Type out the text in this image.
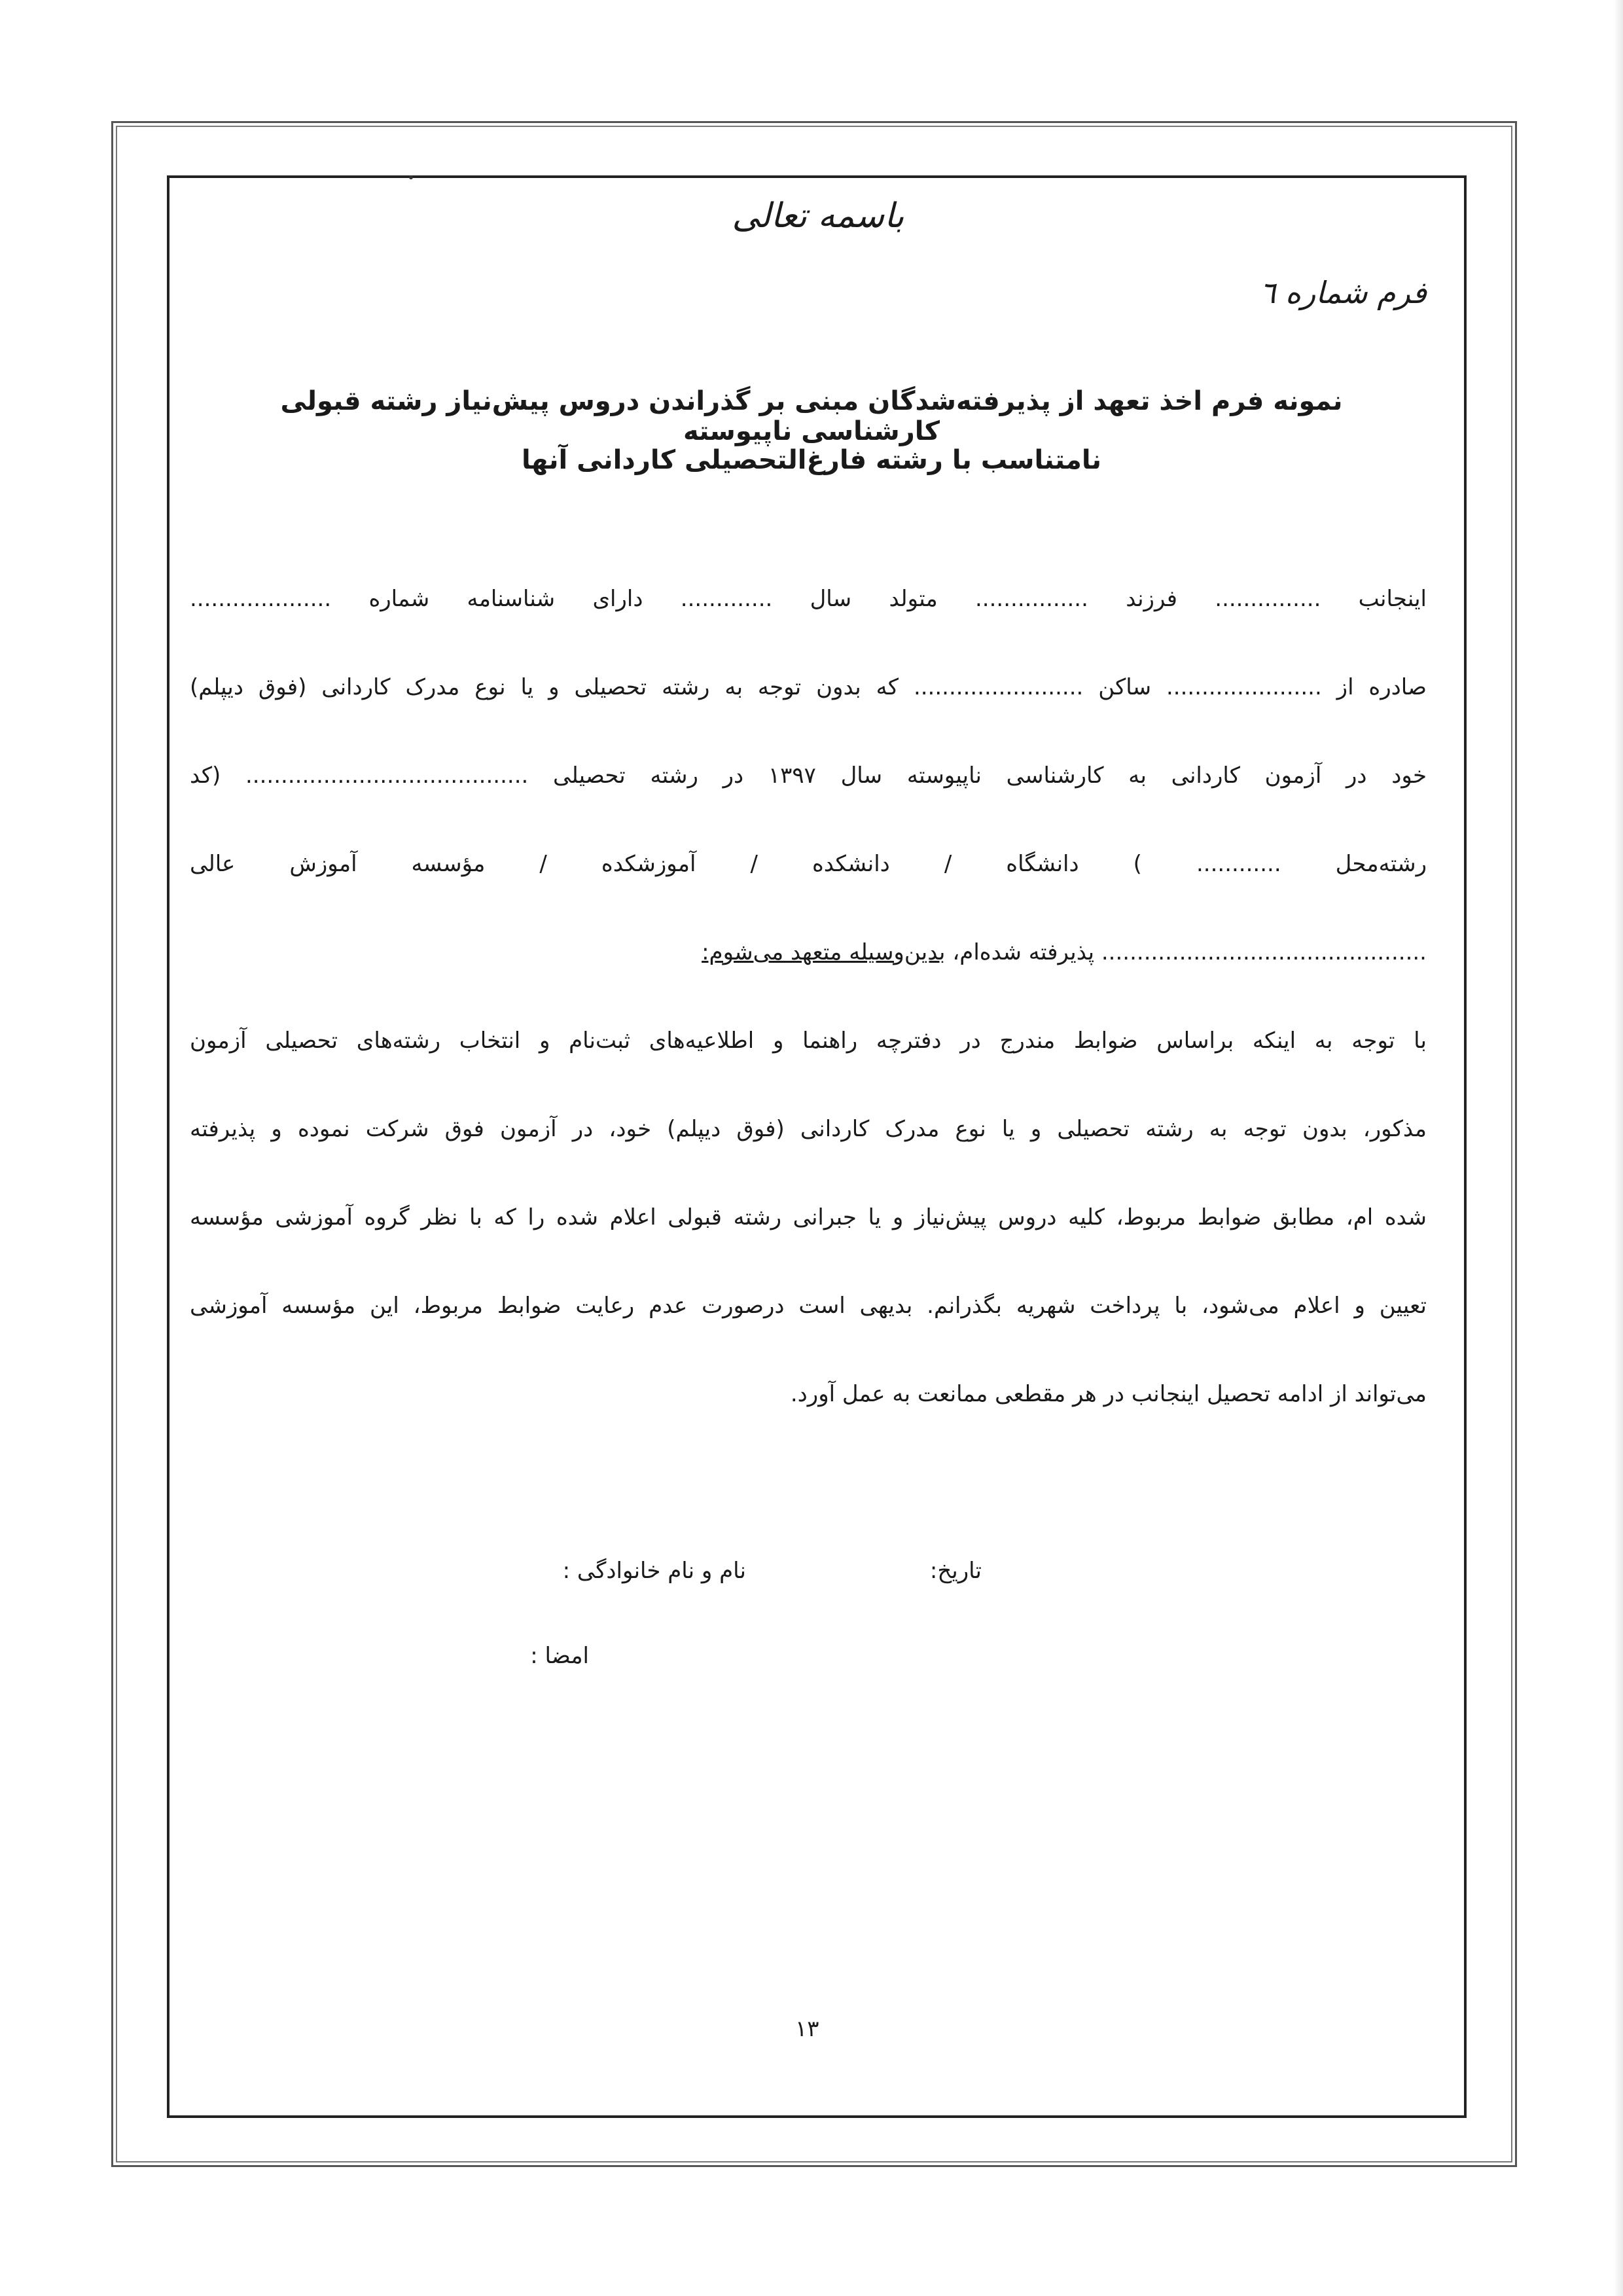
باسمه تعالی
فرم شماره ٦
نمونه فرم اخذ تعهد از پذیرفته‌شدگان مبنی بر گذراندن دروس پیش‌نیاز رشته قبولی کارشناسی ناپیوسته
نامتناسب با رشته فارغ‌التحصیلی کاردانی آنها
اینجانب ............... فرزند ................ متولد سال ............. دارای شناسنامه شماره ....................
صادره از ...................... ساکن ........................ که بدون توجه به رشته تحصیلی و یا نوع مدرک کاردانی (فوق دیپلم)
خود در آزمون کاردانی به کارشناسی ناپیوسته سال ۱۳۹۷ در رشته تحصیلی ........................................ (کد
رشته‌محل ............ ) دانشگاه / دانشکده / آموزشکده / مؤسسه آموزش عالی
.............................................. پذیرفته شده‌ام، بدین‌وسیله متعهد می‌شوم:
با توجه به اینکه براساس ضوابط مندرج در دفترچه راهنما و اطلاعیه‌های ثبت‌نام و انتخاب رشته‌های تحصیلی آزمون
مذکور، بدون توجه به رشته تحصیلی و یا نوع مدرک کاردانی (فوق دیپلم) خود، در آزمون فوق شرکت نموده و پذیرفته
شده ام، مطابق ضوابط مربوط، کلیه دروس پیش‌نیاز و یا جبرانی رشته قبولی اعلام شده را که با نظر گروه آموزشی مؤسسه
تعیین و اعلام می‌شود، با پرداخت شهریه بگذرانم. بدیهی است درصورت عدم رعایت ضوابط مربوط، این مؤسسه آموزشی
می‌تواند از ادامه تحصیل اینجانب در هر مقطعی ممانعت به عمل آورد.
تاریخ:
نام و نام خانوادگی :
امضا :
۱۳
